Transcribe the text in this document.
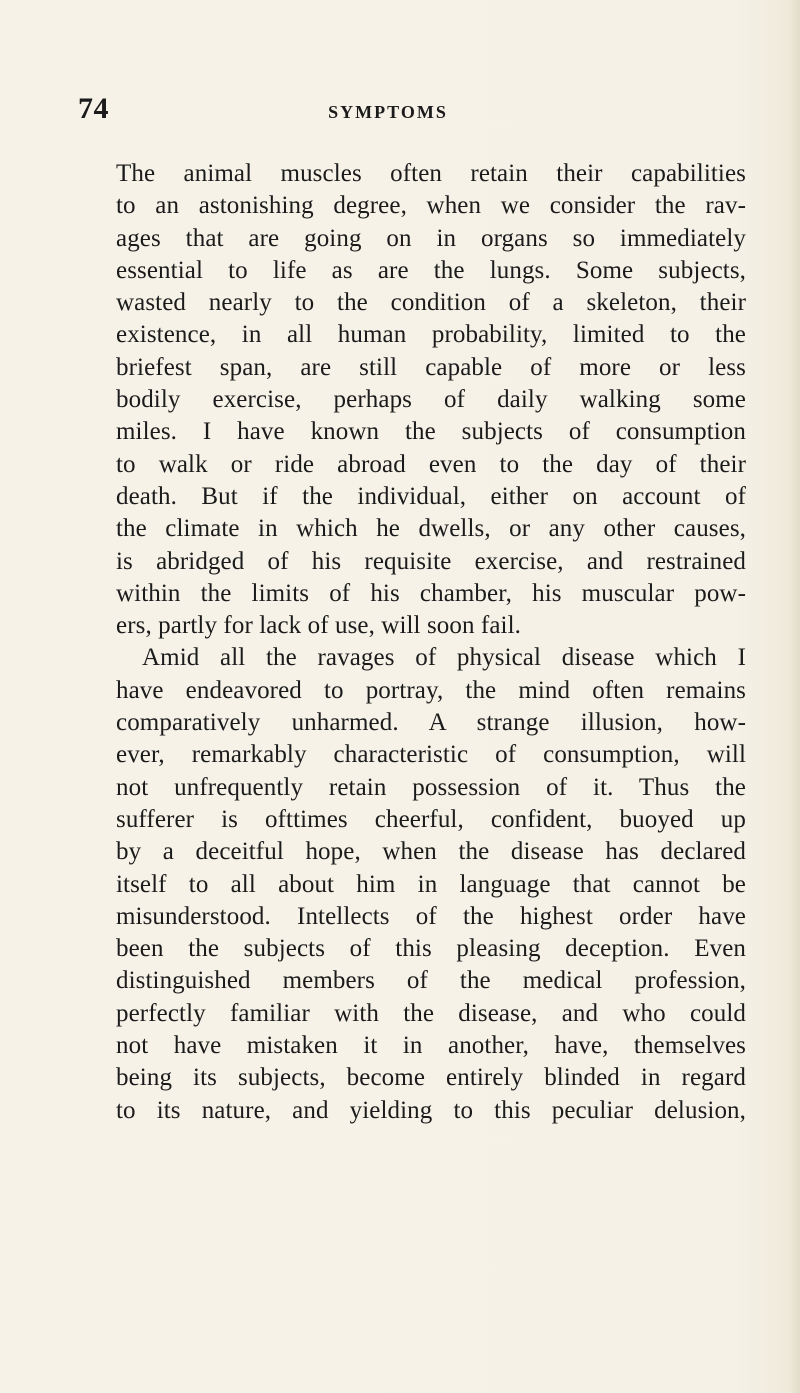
74	SYMPTOMS

The animal muscles often retain their capabilities
to an astonishing degree, when we consider the rav-
ages that are going on in organs so immediately
essential to life as are the lungs. Some subjects,
wasted nearly to the condition of a skeleton, their
existence, in all human probability, limited to the
briefest span, are still capable of more or less
bodily exercise, perhaps of daily walking some
miles. I have known the subjects of consumption
to walk or ride abroad even to the day of their
death. But if the individual, either on account of
the climate in which he dwells, or any other causes,
is abridged of his requisite exercise, and restrained
within the limits of his chamber, his muscular pow-
ers, partly for lack of use, will soon fail.

Amid all the ravages of physical disease which I
have endeavored to portray, the mind often remains
comparatively unharmed. A strange illusion, how-
ever, remarkably characteristic of consumption, will
not unfrequently retain possession of it. Thus the
sufferer is ofttimes cheerful, confident, buoyed up
by a deceitful hope, when the disease has declared
itself to all about him in language that cannot be
misunderstood. Intellects of the highest order have
been the subjects of this pleasing deception. Even
distinguished members of the medical profession,
perfectly familiar with the disease, and who could
not have mistaken it in another, have, themselves
being its subjects, become entirely blinded in regard
to its nature, and yielding to this peculiar delusion,
